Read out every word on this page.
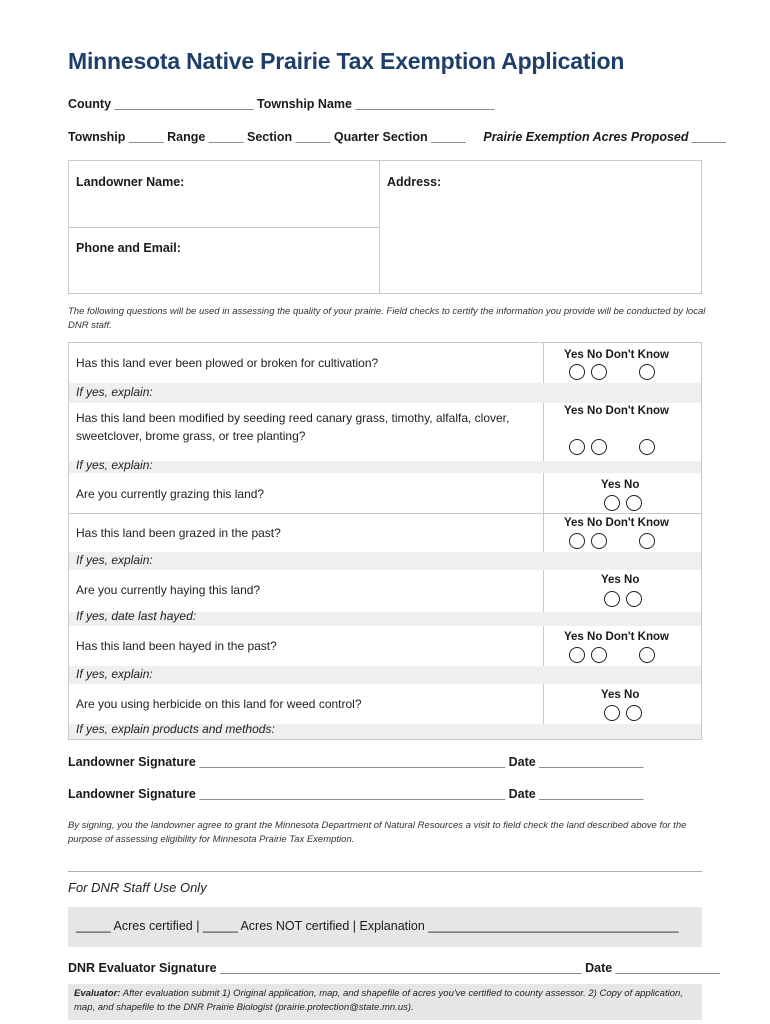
Minnesota Native Prairie Tax Exemption Application
County ____________________ Township Name ____________________
Township _____ Range _____ Section _____ Quarter Section _____ Prairie Exemption Acres Proposed _____
Landowner Name:	Address:
Phone and Email:
The following questions will be used in assessing the quality of your prairie. Field checks to certify the information you provide will be conducted by local DNR staff.
Has this land ever been plowed or broken for cultivation?
Yes No Don't Know
If yes, explain:
Has this land been modified by seeding reed canary grass, timothy, alfalfa, clover, sweetclover, brome grass, or tree planting?
Yes No Don't Know
If yes, explain:
Are you currently grazing this land?
Yes No
Has this land been grazed in the past?
Yes No Don't Know
If yes, explain:
Are you currently haying this land?
Yes No
If yes, date last hayed:
Has this land been hayed in the past?
Yes No Don't Know
If yes, explain:
Are you using herbicide on this land for weed control?
Yes No
If yes, explain products and methods:
Landowner Signature ____________________________________________ Date _______________
Landowner Signature ____________________________________________ Date _______________
By signing, you the landowner agree to grant the Minnesota Department of Natural Resources a visit to field check the land described above for the purpose of assessing eligibility for Minnesota Prairie Tax Exemption.
For DNR Staff Use Only
_____ Acres certified | _____ Acres NOT certified | Explanation ____________________________________
DNR Evaluator Signature ____________________________________________________ Date _______________
Evaluator: After evaluation submit 1) Original application, map, and shapefile of acres you've certified to county assessor. 2) Copy of application, map, and shapefile to the DNR Prairie Biologist (prairie.protection@state.mn.us).
